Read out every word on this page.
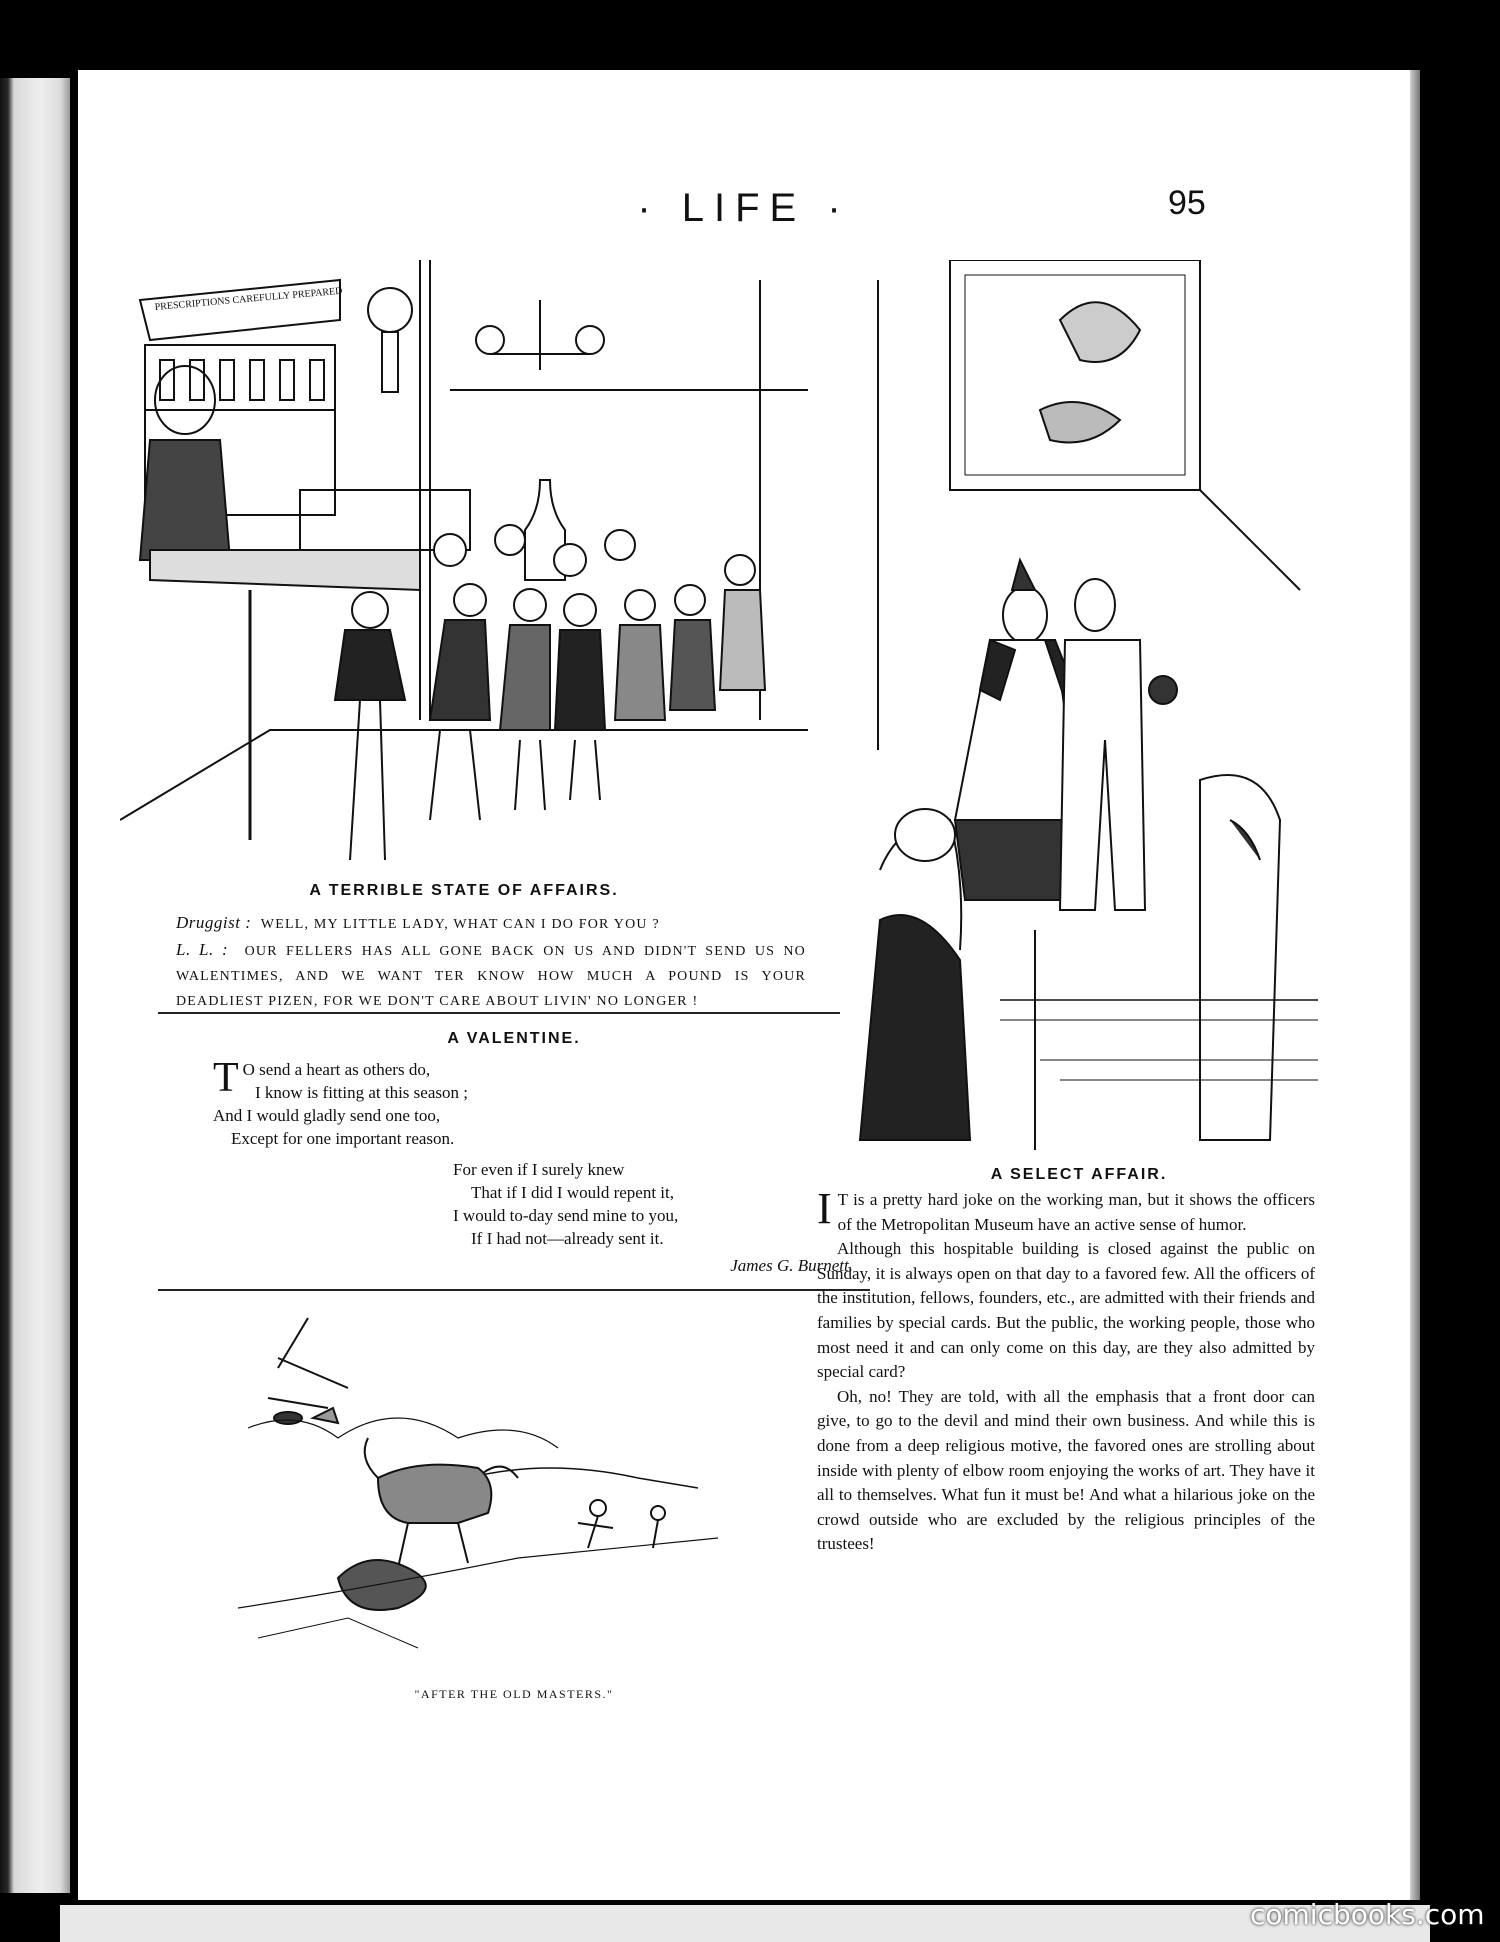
· LIFE ·	95
PRESCRIPTIONS CAREFULLY PREPARED
A TERRIBLE STATE OF AFFAIRS.
Druggist : WELL, MY LITTLE LADY, WHAT CAN I DO FOR YOU ?
L. L. : OUR FELLERS HAS ALL GONE BACK ON US AND DIDN'T SEND US NO WALENTIMES, AND WE WANT TER KNOW HOW MUCH A POUND IS YOUR DEADLIEST PIZEN, FOR WE DON'T CARE ABOUT LIVIN' NO LONGER !
A VALENTINE.
T O send a heart as others do,
I know is fitting at this season ;
And I would gladly send one too,
Except for one important reason.
For even if I surely knew
That if I did I would repent it,
I would to-day send mine to you,
If I had not—already sent it.
James G. Burnett.
"AFTER THE OLD MASTERS."
A SELECT AFFAIR.

I T is a pretty hard joke on the working man, but it shows the officers of the Metropolitan Museum have an active sense of humor.

Although this hospitable building is closed against the public on Sunday, it is always open on that day to a favored few. All the officers of the institution, fellows, founders, etc., are admitted with their friends and families by special cards. But the public, the working people, those who most need it and can only come on this day, are they also admitted by special card?

Oh, no! They are told, with all the emphasis that a front door can give, to go to the devil and mind their own business. And while this is done from a deep religious motive, the favored ones are strolling about inside with plenty of elbow room enjoying the works of art. They have it all to themselves. What fun it must be! And what a hilarious joke on the crowd outside who are excluded by the religious principles of the trustees!

comicbooks.com
